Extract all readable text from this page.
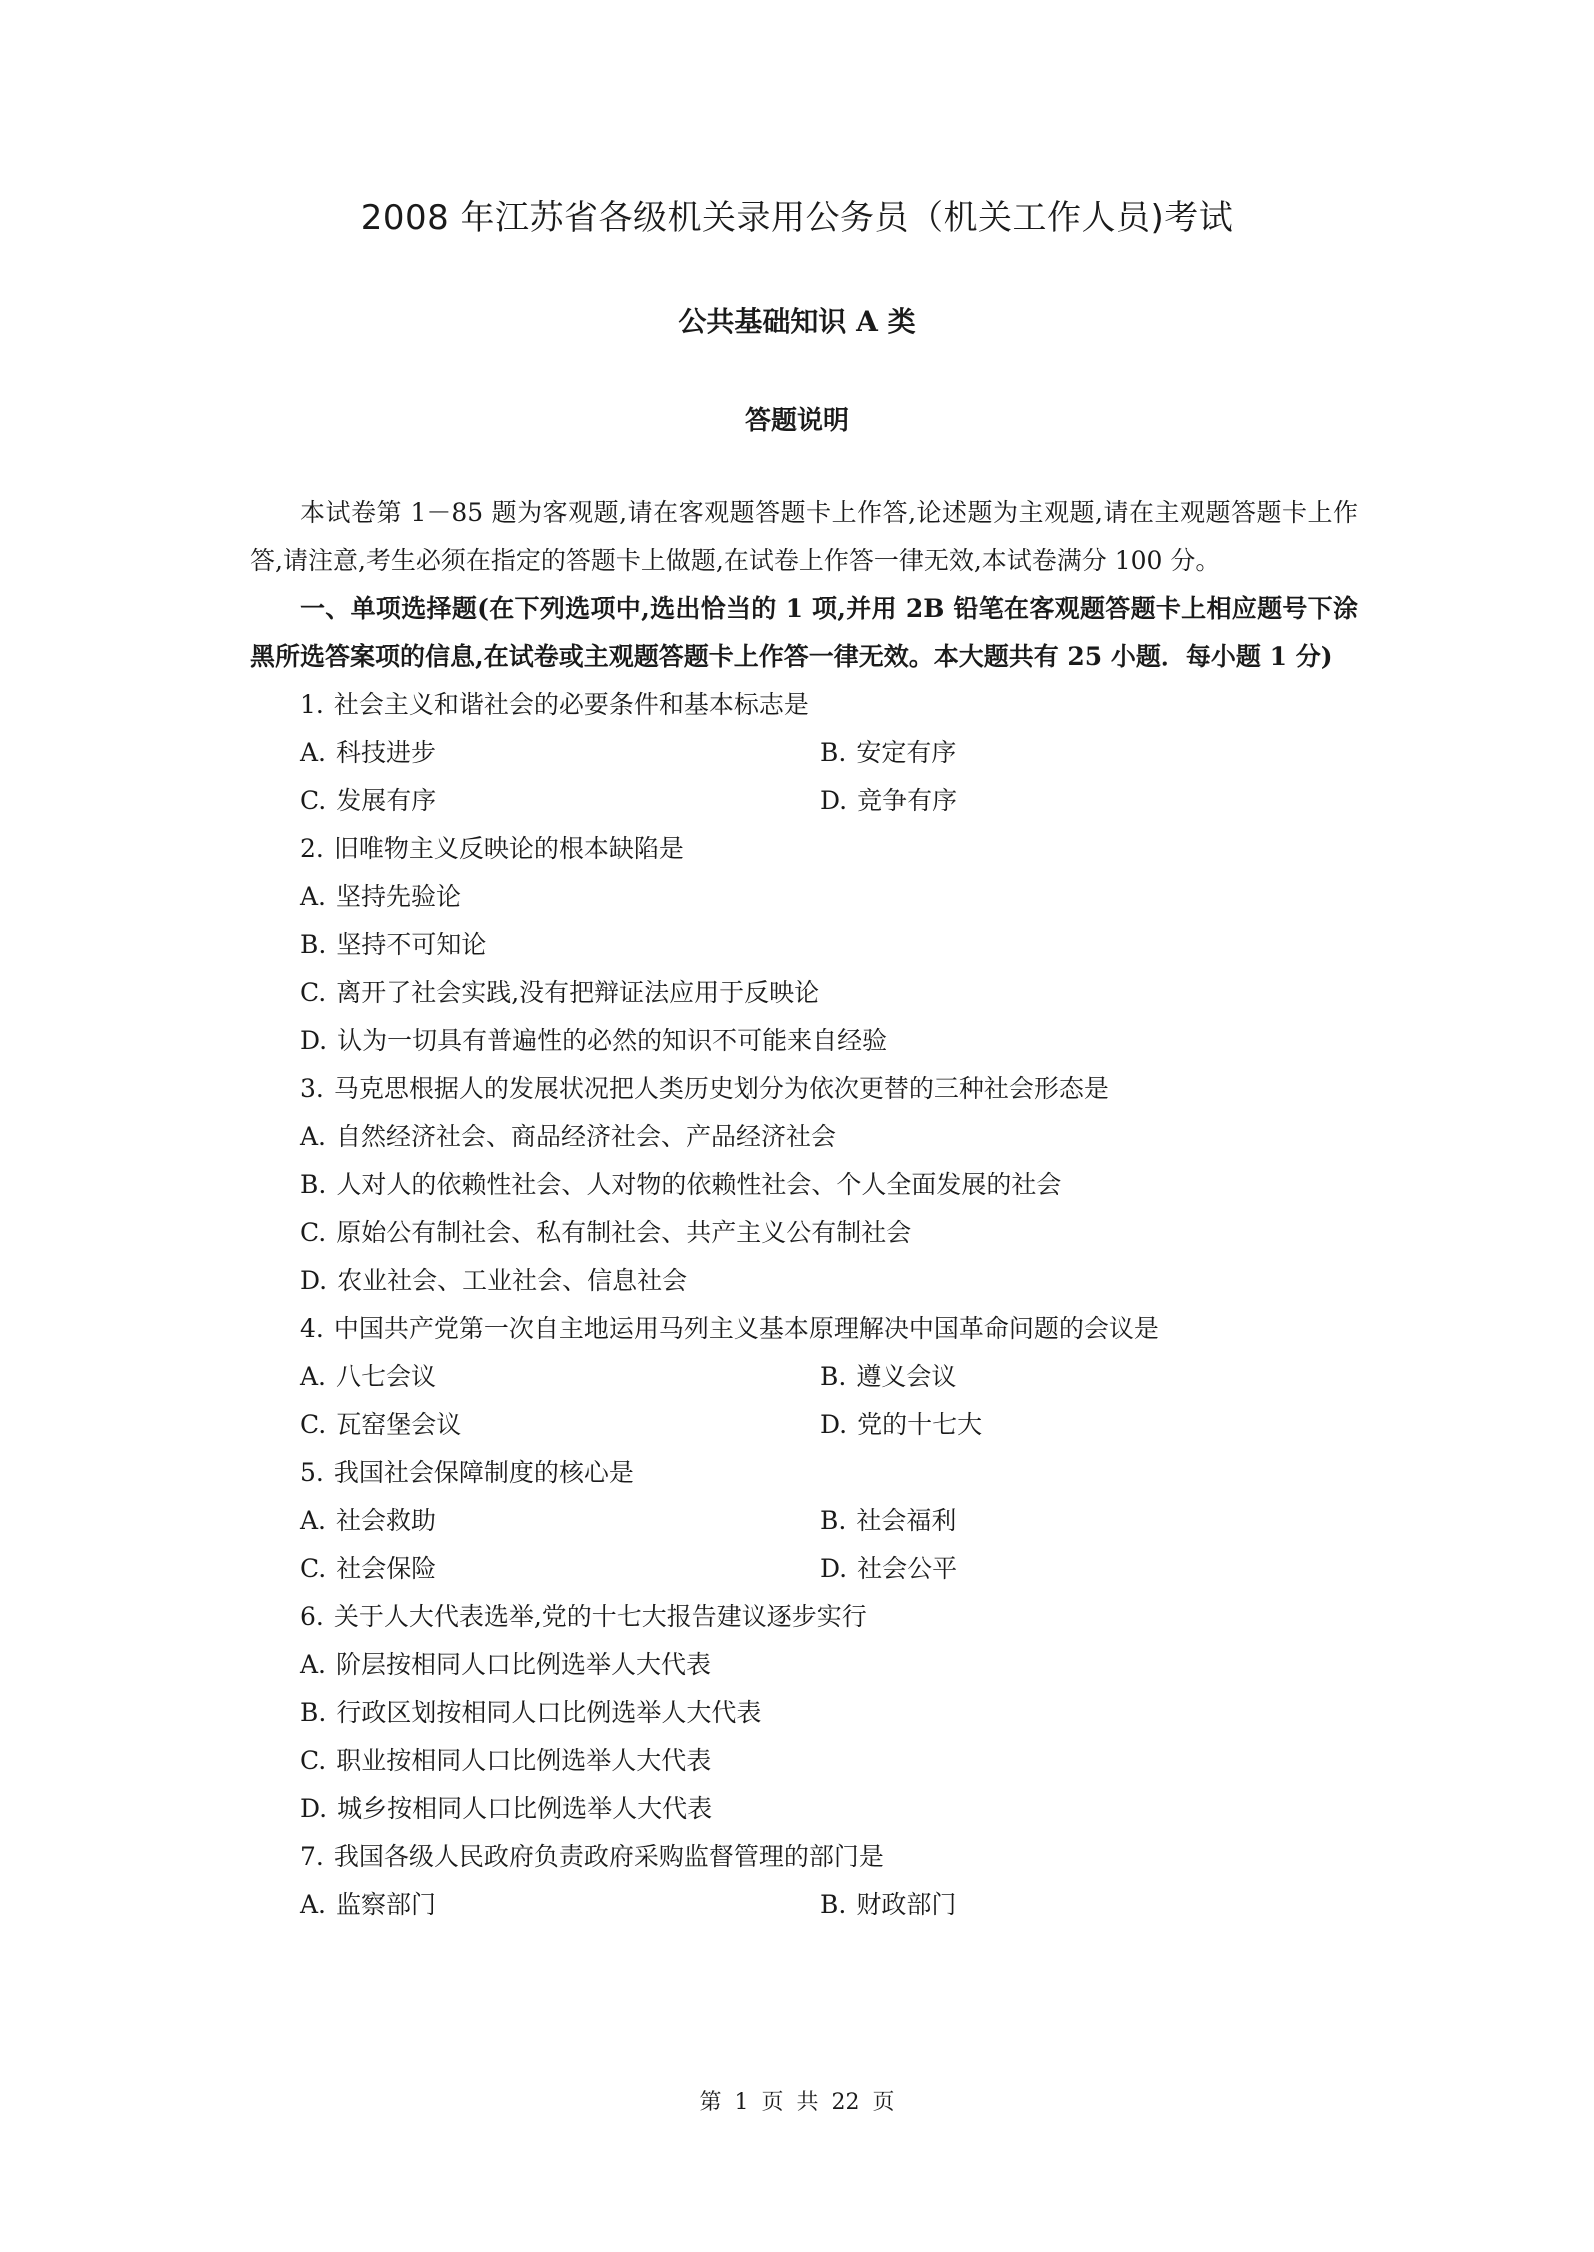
2008 年江苏省各级机关录用公务员（机关工作人员)考试
公共基础知识 A 类
答题说明

本试卷第 1－85 题为客观题,请在客观题答题卡上作答,论述题为主观题,请在主观题答题卡上作答,请注意,考生必须在指定的答题卡上做题,在试卷上作答一律无效,本试卷满分 100 分。

一、单项选择题(在下列选项中,选出恰当的 1 项,并用 2B 铅笔在客观题答题卡上相应题号下涂黑所选答案项的信息,在试卷或主观题答题卡上作答一律无效。本大题共有 25 小题．每小题 1 分)

1. 社会主义和谐社会的必要条件和基本标志是
A. 科技进步	B. 安定有序
C. 发展有序	D. 竞争有序
2. 旧唯物主义反映论的根本缺陷是
A. 坚持先验论
B. 坚持不可知论
C. 离开了社会实践,没有把辩证法应用于反映论
D. 认为一切具有普遍性的必然的知识不可能来自经验
3. 马克思根据人的发展状况把人类历史划分为依次更替的三种社会形态是
A. 自然经济社会、商品经济社会、产品经济社会
B. 人对人的依赖性社会、人对物的依赖性社会、个人全面发展的社会
C. 原始公有制社会、私有制社会、共产主义公有制社会
D. 农业社会、工业社会、信息社会
4. 中国共产党第一次自主地运用马列主义基本原理解决中国革命问题的会议是
A. 八七会议	B. 遵义会议
C. 瓦窑堡会议	D. 党的十七大
5. 我国社会保障制度的核心是
A. 社会救助	B. 社会福利
C. 社会保险	D. 社会公平
6. 关于人大代表选举,党的十七大报告建议逐步实行
A. 阶层按相同人口比例选举人大代表
B. 行政区划按相同人口比例选举人大代表
C. 职业按相同人口比例选举人大代表
D. 城乡按相同人口比例选举人大代表
7. 我国各级人民政府负责政府采购监督管理的部门是
A. 监察部门	B. 财政部门
第 1 页 共 22 页
